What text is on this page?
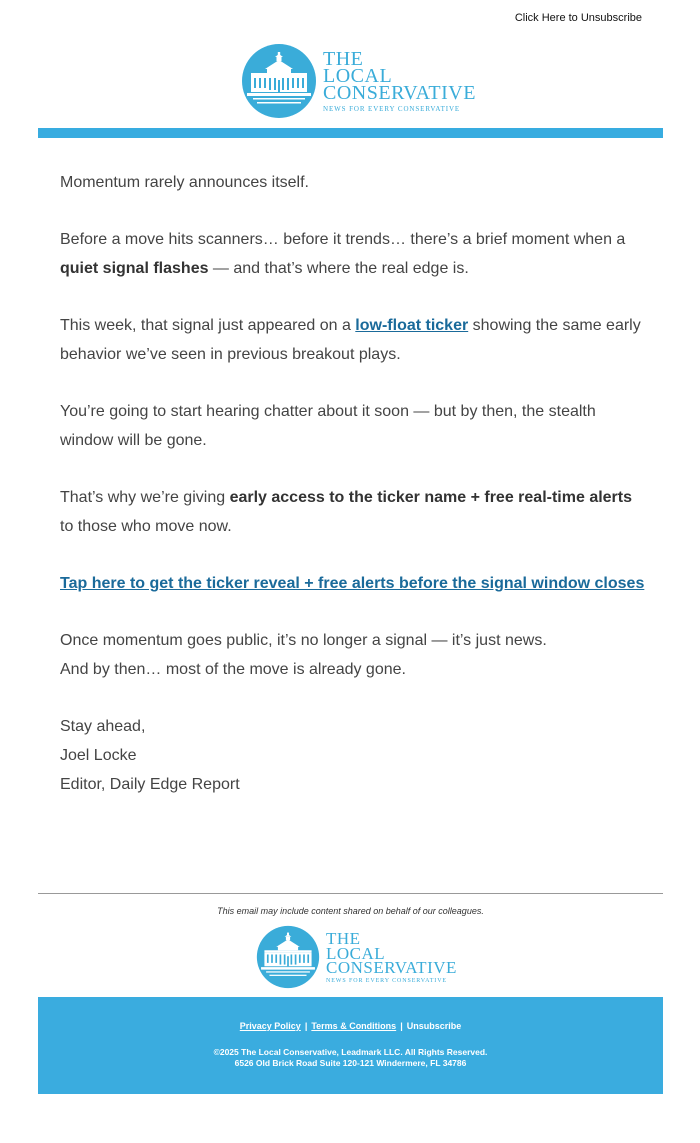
Click Here to Unsubscribe
THE
LOCAL
CONSERVATIVE
NEWS FOR EVERY CONSERVATIVE

Momentum rarely announces itself.

Before a move hits scanners… before it trends… there’s a brief moment when a quiet signal flashes — and that’s where the real edge is.

This week, that signal just appeared on a low-float ticker showing the same early behavior we’ve seen in previous breakout plays.

You’re going to start hearing chatter about it soon — but by then, the stealth window will be gone.

That’s why we’re giving early access to the ticker name + free real-time alerts to those who move now.

Tap here to get the ticker reveal + free alerts before the signal window closes

Once momentum goes public, it’s no longer a signal — it’s just news.
And by then… most of the move is already gone.

Stay ahead,

Joel Locke

Editor, Daily Edge Report

This email may include content shared on behalf of our colleagues.
THE
LOCAL
CONSERVATIVE
NEWS FOR EVERY CONSERVATIVE
Privacy Policy | Terms & Conditions | Unsubscribe
©2025 The Local Conservative, Leadmark LLC. All Rights Reserved.
6526 Old Brick Road Suite 120-121 Windermere, FL 34786
